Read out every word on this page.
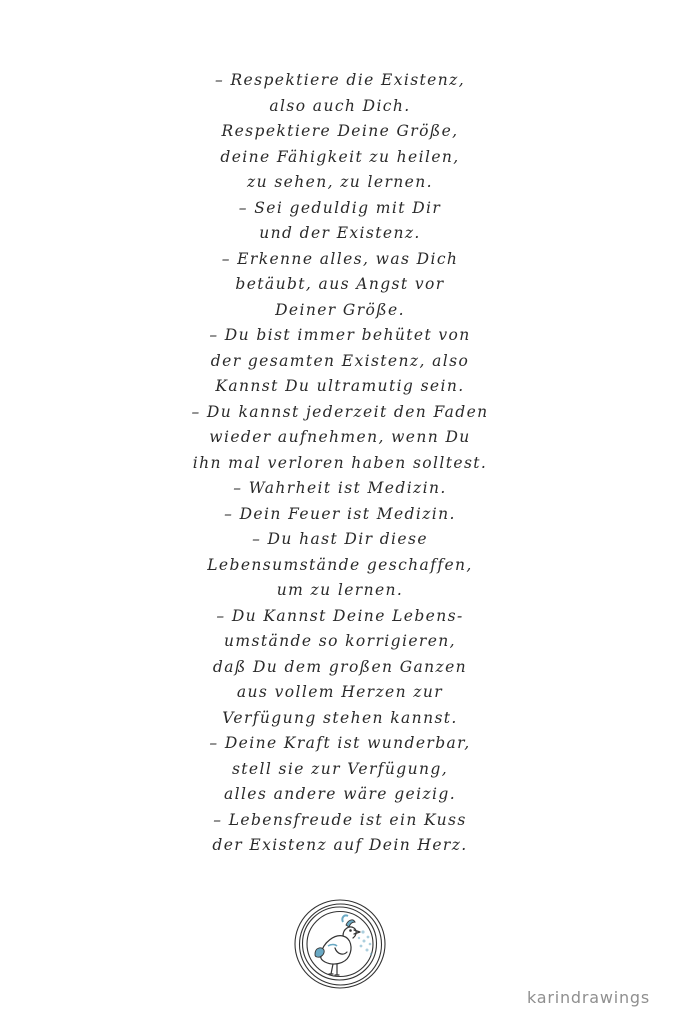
– Respektiere die Existenz,
also auch Dich.
Respektiere Deine Größe,
deine Fähigkeit zu heilen,
zu sehen, zu lernen.
– Sei geduldig mit Dir
und der Existenz.
– Erkenne alles, was Dich
betäubt, aus Angst vor
Deiner Größe.
– Du bist immer behütet von
der gesamten Existenz, also
Kannst Du ultramutig sein.
– Du kannst jederzeit den Faden
wieder aufnehmen, wenn Du
ihn mal verloren haben solltest.
– Wahrheit ist Medizin.
– Dein Feuer ist Medizin.
– Du hast Dir diese
Lebensumstände geschaffen,
um zu lernen.
– Du Kannst Deine Lebens-
umstände so korrigieren,
daß Du dem großen Ganzen
aus vollem Herzen zur
Verfügung stehen kannst.
– Deine Kraft ist wunderbar,
stell sie zur Verfügung,
alles andere wäre geizig.
– Lebensfreude ist ein Kuss
der Existenz auf Dein Herz.
karindrawings
